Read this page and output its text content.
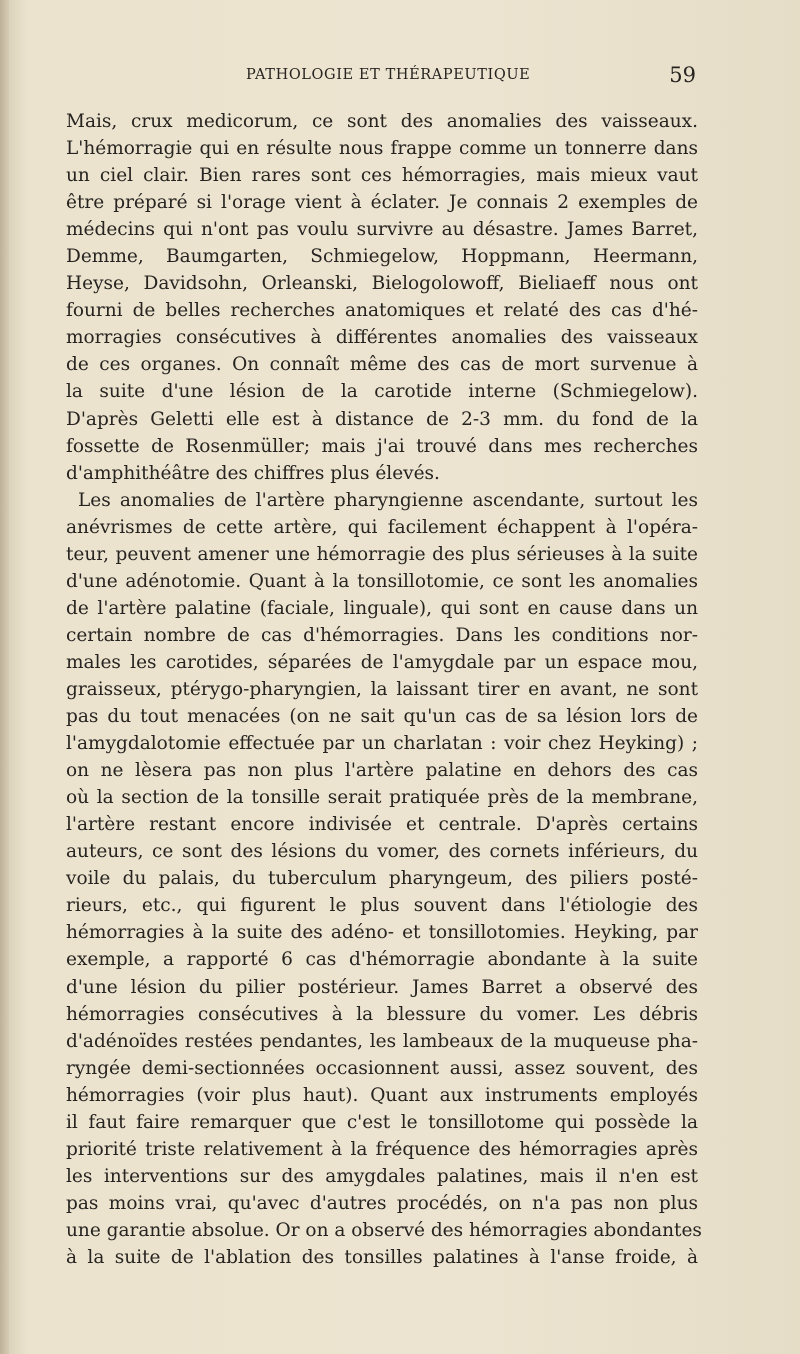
PATHOLOGIE ET THÉRAPEUTIQUE	59
Mais, crux medicorum, ce sont des anomalies des vaisseaux.
L'hémorragie qui en résulte nous frappe comme un tonnerre dans
un ciel clair. Bien rares sont ces hémorragies, mais mieux vaut
être préparé si l'orage vient à éclater. Je connais 2 exemples de
médecins qui n'ont pas voulu survivre au désastre. James Barret,
Demme, Baumgarten, Schmiegelow, Hoppmann, Heermann,
Heyse, Davidsohn, Orleanski, Bielogolowoff, Bieliaeff nous ont
fourni de belles recherches anatomiques et relaté des cas d'hé-
morragies consécutives à différentes anomalies des vaisseaux
de ces organes. On connaît même des cas de mort survenue à
la suite d'une lésion de la carotide interne (Schmiegelow).
D'après Geletti elle est à distance de 2-3 mm. du fond de la
fossette de Rosenmüller; mais j'ai trouvé dans mes recherches
d'amphithéâtre des chiffres plus élevés.
Les anomalies de l'artère pharyngienne ascendante, surtout les
anévrismes de cette artère, qui facilement échappent à l'opéra-
teur, peuvent amener une hémorragie des plus sérieuses à la suite
d'une adénotomie. Quant à la tonsillotomie, ce sont les anomalies
de l'artère palatine (faciale, linguale), qui sont en cause dans un
certain nombre de cas d'hémorragies. Dans les conditions nor-
males les carotides, séparées de l'amygdale par un espace mou,
graisseux, ptérygo-pharyngien, la laissant tirer en avant, ne sont
pas du tout menacées (on ne sait qu'un cas de sa lésion lors de
l'amygdalotomie effectuée par un charlatan : voir chez Heyking) ;
on ne lèsera pas non plus l'artère palatine en dehors des cas
où la section de la tonsille serait pratiquée près de la membrane,
l'artère restant encore indivisée et centrale. D'après certains
auteurs, ce sont des lésions du vomer, des cornets inférieurs, du
voile du palais, du tuberculum pharyngeum, des piliers posté-
rieurs, etc., qui figurent le plus souvent dans l'étiologie des
hémorragies à la suite des adéno- et tonsillotomies. Heyking, par
exemple, a rapporté 6 cas d'hémorragie abondante à la suite
d'une lésion du pilier postérieur. James Barret a observé des
hémorragies consécutives à la blessure du vomer. Les débris
d'adénoïdes restées pendantes, les lambeaux de la muqueuse pha-
ryngée demi-sectionnées occasionnent aussi, assez souvent, des
hémorragies (voir plus haut). Quant aux instruments employés
il faut faire remarquer que c'est le tonsillotome qui possède la
priorité triste relativement à la fréquence des hémorragies après
les interventions sur des amygdales palatines, mais il n'en est
pas moins vrai, qu'avec d'autres procédés, on n'a pas non plus
une garantie absolue. Or on a observé des hémorragies abondantes
à la suite de l'ablation des tonsilles palatines à l'anse froide, à
